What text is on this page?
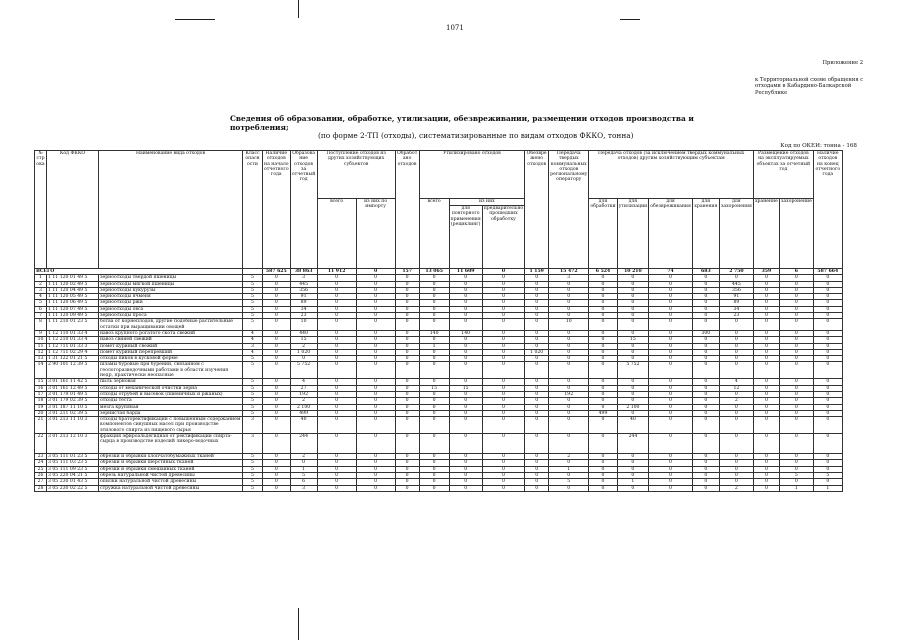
1071
Приложение 2
к Территориальной схеме обращения с отходами в Кабардино-Балкарской Республике
Сведения об образовании, обработке, утилизации, обезвреживании, размещении отходов производства и потребления;
(по форме 2-ТП (отходы), систематизированные по видам отходов ФККО, тонна)
Код по ОКЕИ: тонна - 168
№ стр ока	Код ФККО	Наименование вида отходов	Класс опасн ости	Наличие отходов на начало отчетного года	Образова ние отходов за отчетный год	Поступление отходов из других хозяйствующих субъектов		Обработ ано отходов	Утилизировано отходов			Обезвре жено отходов	Передача твердых коммунальных отходов региональному оператору	Передача отходов (за исключением твердых коммунальных отходов) другим хозяйствующим субъектам					Размещение отходов на эксплуатируемых объектах за отчетный год		Наличие отходов на конец отчетного года
						всего	из них по импорту		всего	из них				для обработки	для утилизации	для обезвреживания	для хранения	для захоронения	хранение	захоронение	
										для повторного применения (рециклинг)	предварительно прошедших обработку										
ВСЕГО				587 625	38 863	11 912	0	157	13 065	11 609	0	1 159	15 472	6 524	10 210	74	683	2 750	359	6	587 664
1	1 11 120 01 49 5	зерноотходы твердой пшеницы	5	0	3	0	0	0	0	0	0	0	3	0	0	0	0	0	0	0	0
2	1 11 120 02 49 5	зерноотходы мягкой пшеницы	5	0	445	0	0	0	0	0	0	0	0	0	0	0	0	445	0	0	0
3	1 11 120 04 49 5	зерноотходы кукурузы	5	0	356	0	0	0	0	0	0	0	0	0	0	0	0	356	0	0	0
4	1 11 120 05 49 5	зерноотходы ячменя	5	0	91	0	0	0	0	0	0	0	0	0	0	0	0	91	0	0	0
5	1 11 120 06 49 5	зерноотходы ржи	5	0	89	0	0	0	0	0	0	0	0	0	0	0	0	89	0	0	0
6	1 11 120 07 49 5	зерноотходы овса	5	0	34	0	0	0	0	0	0	0	0	0	0	0	0	34	0	0	0
7	1 11 120 09 49 5	зерноотходы проса	5	0	23	0	0	0	0	0	0	0	0	0	0	0	0	23	0	0	0
8	1 11 210 01 23 5	ботва от корнеплодов, другие подобные растительные остатки при выращивании овощей	5	0	10	0	0	0	0	0	0	0	10	0	0	0	0	0	0	0	0
9	1 12 110 01 33 4	навоз крупного рогатого скота свежий	4	0	440	0	0	0	140	140	0	0	0	0	0	0	300	0	0	0	0
10	1 12 210 01 33 4	навоз свиней свежий	4	0	15	0	0	0	0	0	0	0	0	0	15	0	0	0	0	0	0
11	1 12 711 01 33 3	помёт куриный свежий	3	0	2	0	0	0	1	0	0	0	0	0	0	0	0	0	0	0	0
12	1 12 711 02 29 4	помёт куриный перепревший	4	0	1 020	0	0	0	0	0	0	1 020	0	0	0	0	0	0	0	0	0
13	1 31 122 01 21 5	отходы пиков в кусковой форме	5	0	0	0	0	0	0	0	0	0	0	0	0	0	0	0	0	0	0
14	2 90 101 12 39 5	шламы буровые при бурении, связанном с геологоразведочными работами в области изучения недр, практически неопасные	5	0	5 752	0	0	0	0	0	0	0	0	0	5 752	0	0	0	0	0	0
15	3 01 161 11 42 5	пыль зерновая	5	0	4	0	0	0	0	0	0	0	0	0	0	0	0	4	0	0	0
16	3 01 161 12 49 5	отходы от механической очистки зерна	5	0	27	0	0	0	15	15	0	0	0	0	0	0	0	12	0	0	0
17	3 01 179 01 49 5	отходы отрубей и высевок (пшеничных и ржаных)	5	0	192	0	0	0	0	0	0	0	192	0	0	0	0	0	0	0	0
18	3 01 179 02 39 5	отходы теста	5	0	2	0	0	0	0	0	0	0	0	0	0	0	0	2	0	0	0
19	3 01 187 11 10 5	мезга крупяная	5	0	2 100	0	0	0	0	0	0	0	0	0	2 100	0	0	0	0	0	0
20	3 01 211 02 39 5	зернистая барда	5	0	499	0	0	0	0	0	0	0	0	499	0	0	0	0	0	0	0
21	3 01 213 11 10 3	отходы браторектификации с повышенным содержанием компонентов сивушных масел при производстве этилового спирта из пищевого сырья	3	0	40	0	0	0	0	0	0	0	0	0	40	0	0	0	0	0	0
22	3 01 213 12 10 3	фракция эфироальдегидная от ректификации спирта-сырца в производстве изделий ликеро-водочных	3	0	244	0	0	0	0	0	0	0	0	0	244	0	0	0	0	0	0
23	3 05 111 01 23 5	обрезки и обрывки хлопчатобумажных тканей	5	0	2	0	0	0	0	0	0	0	2	0	0	0	0	0	0	0	0
24	3 05 111 03 23 5	обрезки и обрывки шерстяных тканей	5	0	0	0	0	0	0	0	0	0	0	0	0	0	0	0	0	0	0
25	3 05 111 09 23 5	обрезки и обрывки смешанных тканей	5	0	1	0	0	0	0	0	0	0	1	0	0	0	0	0	0	0	0
26	3 05 220 04 21 5	обрезь натуральной чистой древесины	5	0	5	0	0	0	0	0	0	0	0	0	0	0	0	0	0	5	5
27	3 05 230 01 43 5	опилки натуральной чистой древесины	5	0	6	0	0	0	0	0	0	0	5	0	1	0	0	0	0	0	0
28	3 05 230 02 22 5	стружка натуральной чистой древесины	5	0	3	0	0	0	0	0	0	0	0	0	0	0	0	2	0	1	1
